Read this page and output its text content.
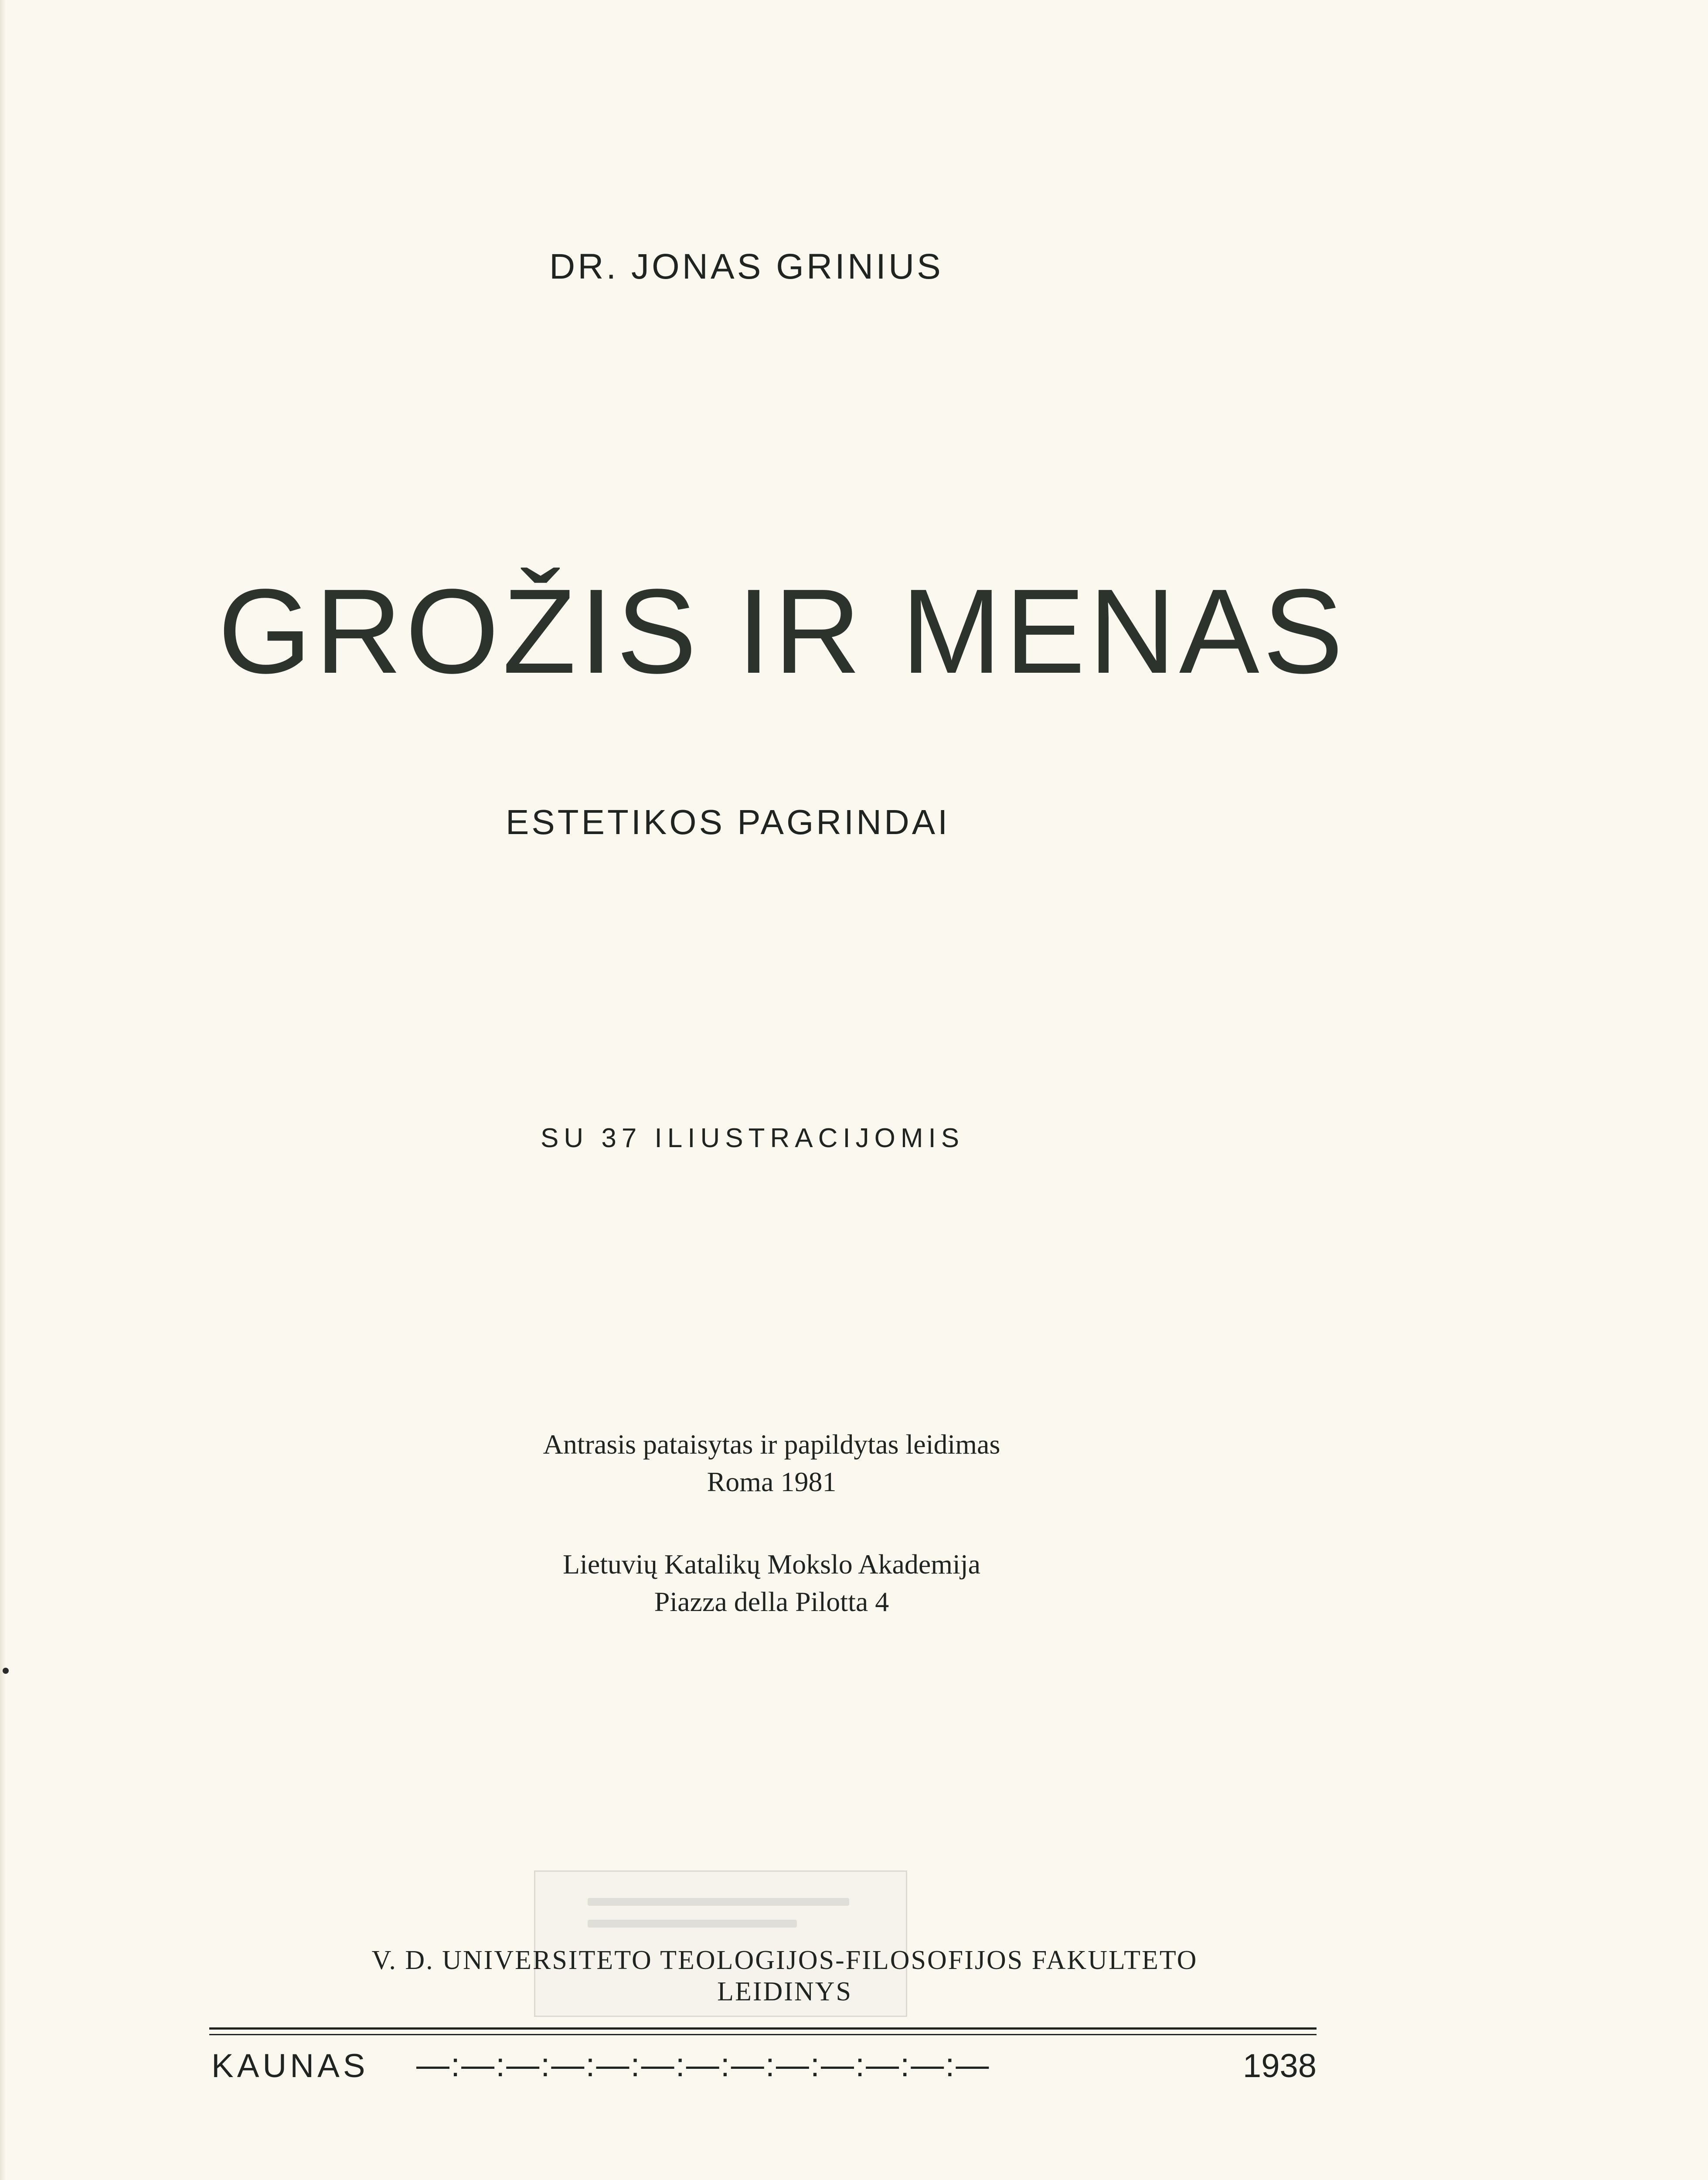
DR. JONAS GRINIUS
GROŽIS IR MENAS
ESTETIKOS PAGRINDAI
SU 37 ILIUSTRACIJOMIS
Antrasis pataisytas ir papildytas leidimas
Roma 1981
Lietuvių Katalikų Mokslo Akademija
Piazza della Pilotta 4
V. D. UNIVERSITETO TEOLOGIJOS-FILOSOFIJOS FAKULTETO
LEIDINYS
KAUNAS —:—:—:—:—:—:—:—:—:—:—:—:—	1938
